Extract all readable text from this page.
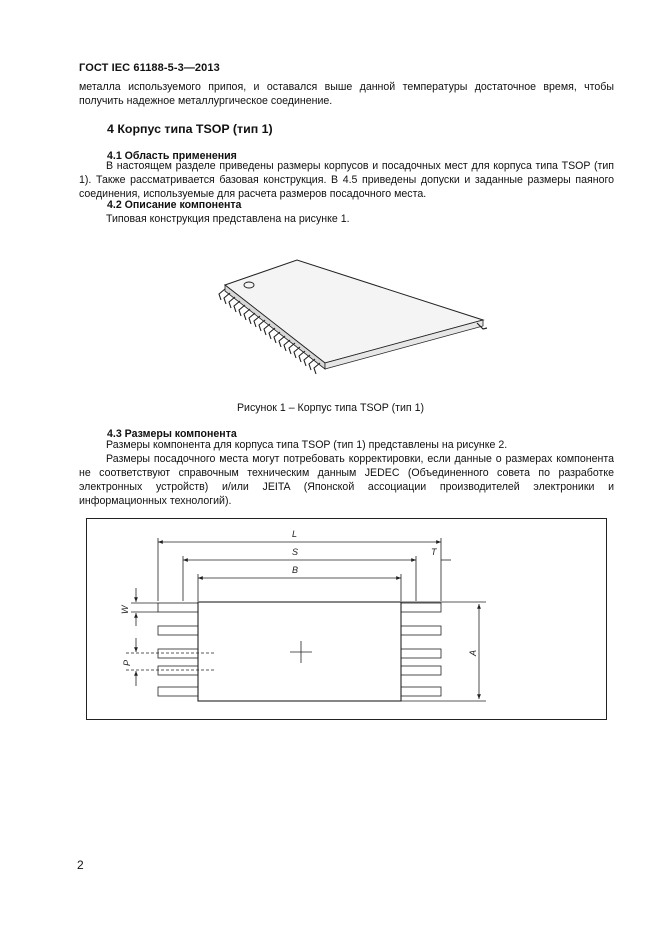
ГОСТ IEC 61188-5-3—2013
металла используемого припоя, и оставался выше данной температуры достаточное время, чтобы получить надежное металлургическое соединение.
4 Корпус типа TSOP (тип 1)
4.1 Область применения
В настоящем разделе приведены размеры корпусов и посадочных мест для корпуса типа TSOP (тип 1). Также рассматривается базовая конструкция. В 4.5 приведены допуски и заданные размеры паяного соединения, используемые для расчета размеров посадочного места.
4.2 Описание компонента
Типовая конструкция представлена на рисунке 1.
Рисунок 1 – Корпус типа TSOP (тип 1)
4.3 Размеры компонента
Размеры компонента для корпуса типа TSOP (тип 1) представлены на рисунке 2.
Размеры посадочного места могут потребовать корректировки, если данные о размерах компонента не соответствуют справочным техническим данным JEDEC (Объединенного совета по разработке электронных устройств) и/или JEITA (Японской ассоциации производителей электроники и информационных технологий).
L
S	T
B
W
P
A
2
